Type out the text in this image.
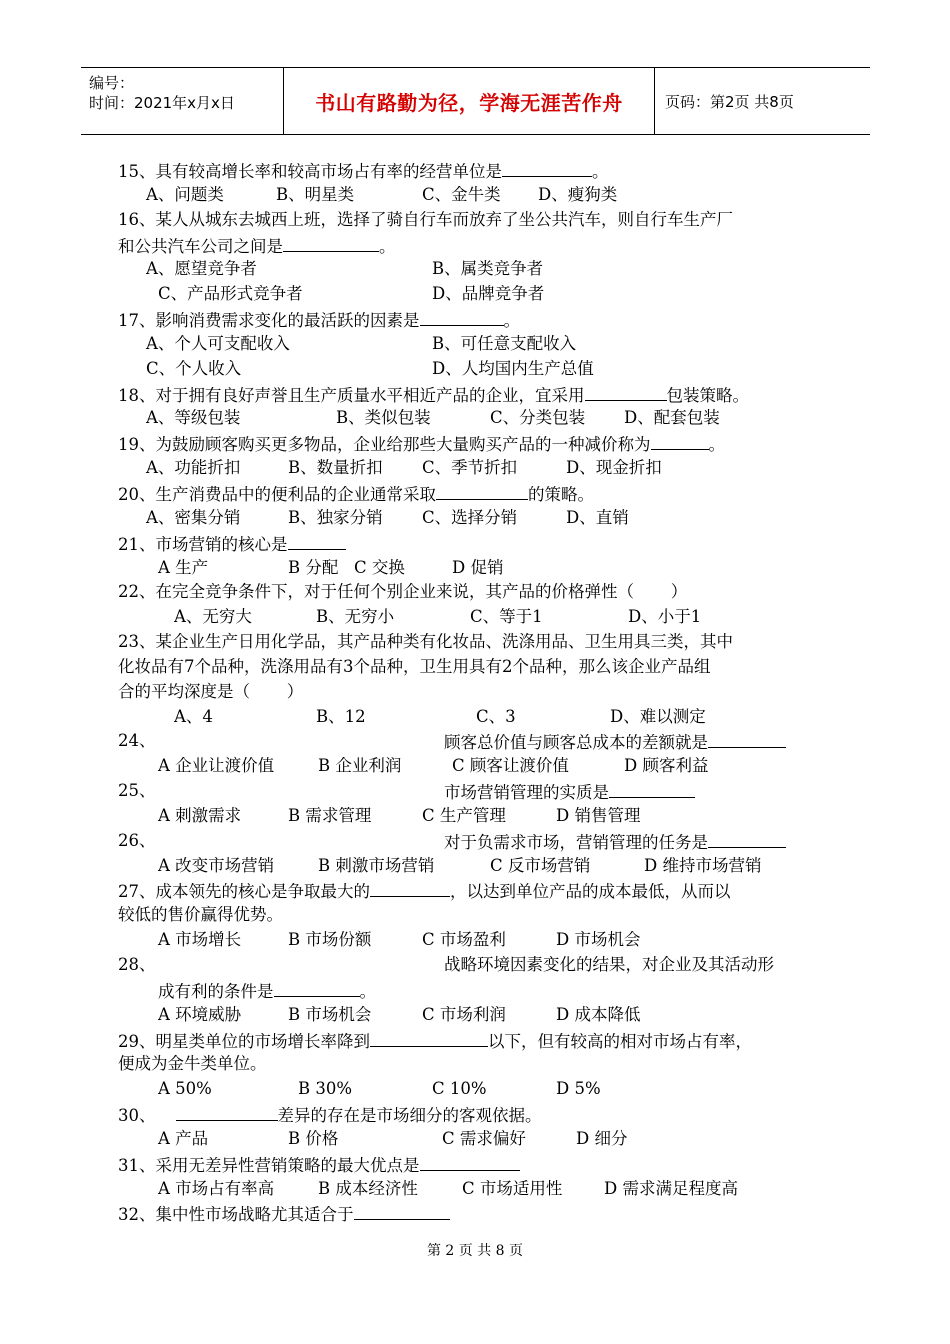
编号：
时间：2021年x月x日	书山有路勤为径，学海无涯苦作舟	页码：第2页 共8页
15、具有较高增长率和较高市场占有率的经营单位是	。

A、问题类

	B、明星类

	C、金牛类

D、瘦狗类

16、某人从城东去城西上班，选择了骑自行车而放弃了坐公共汽车，则自行车生产厂
和公共汽车公司之间是	。

A、愿望竞争者

	B、属类竞争者

C、产品形式竞争者

	D、品牌竞争者

17、影响消费需求变化的最活跃的因素是	。

A、个人可支配收入

	B、可任意支配收入

C、个人收入

	D、人均国内生产总值

18、对于拥有良好声誉且生产质量水平相近产品的企业，宜采用	包装策略。

A、等级包装

	B、类似包装

	C、分类包装

D、配套包装

19、为鼓励顾客购买更多物品，企业给那些大量购买产品的一种减价称为	。

A、功能折扣

	B、数量折扣

C、季节折扣

	D、现金折扣

20、生产消费品中的便利品的企业通常采取	的策略。

A、密集分销

	B、独家分销

C、选择分销

	D、直销

21、市场营销的核心是

A 生产

	B 分配

C 交换

	D 促销

22、在完全竞争条件下，对于任何个别企业来说，其产品的价格弹性（       ）

A、无穷大

	B、无穷小

	C、等于1

	D、小于1

23、某企业生产日用化学品，其产品种类有化妆品、洗涤用品、卫生用具三类，其中
化妆品有7个品种，洗涤用品有3个品种，卫生用具有2个品种，那么该企业产品组
合的平均深度是（       ）

A、4

	B、12

	C、3

	D、难以测定

24、	顾客总价值与顾客总成本的差额就是

A 企业让渡价值

	B 企业利润

	C 顾客让渡价值

	D 顾客利益

25、	市场营销管理的实质是

A 刺激需求

	B 需求管理

	C 生产管理

	D 销售管理

26、	对于负需求市场，营销管理的任务是

A 改变市场营销

	B 刺激市场营销

	C 反市场营销

	D 维持市场营销

27、成本领先的核心是争取最大的	，以达到单位产品的成本最低，从而以
较低的售价赢得优势。

A 市场增长

	B 市场份额

	C 市场盈利

	D 市场机会

28、	战略环境因素变化的结果，对企业及其活动形
成有利的条件是	。

A 环境威胁

	B 市场机会

	C 市场利润

	D 成本降低

29、明星类单位的市场增长率降到	以下，但有较高的相对市场占有率，
便成为金牛类单位。

A 50%

	B 30%

	C 10%

	D 5%

30、	差异的存在是市场细分的客观依据。

A 产品

	B 价格

	C 需求偏好

	D 细分

31、采用无差异性营销策略的最大优点是

A 市场占有率高

	B 成本经济性

	C 市场适用性

	D 需求满足程度高

32、集中性市场战略尤其适合于
第 2 页 共 8 页
